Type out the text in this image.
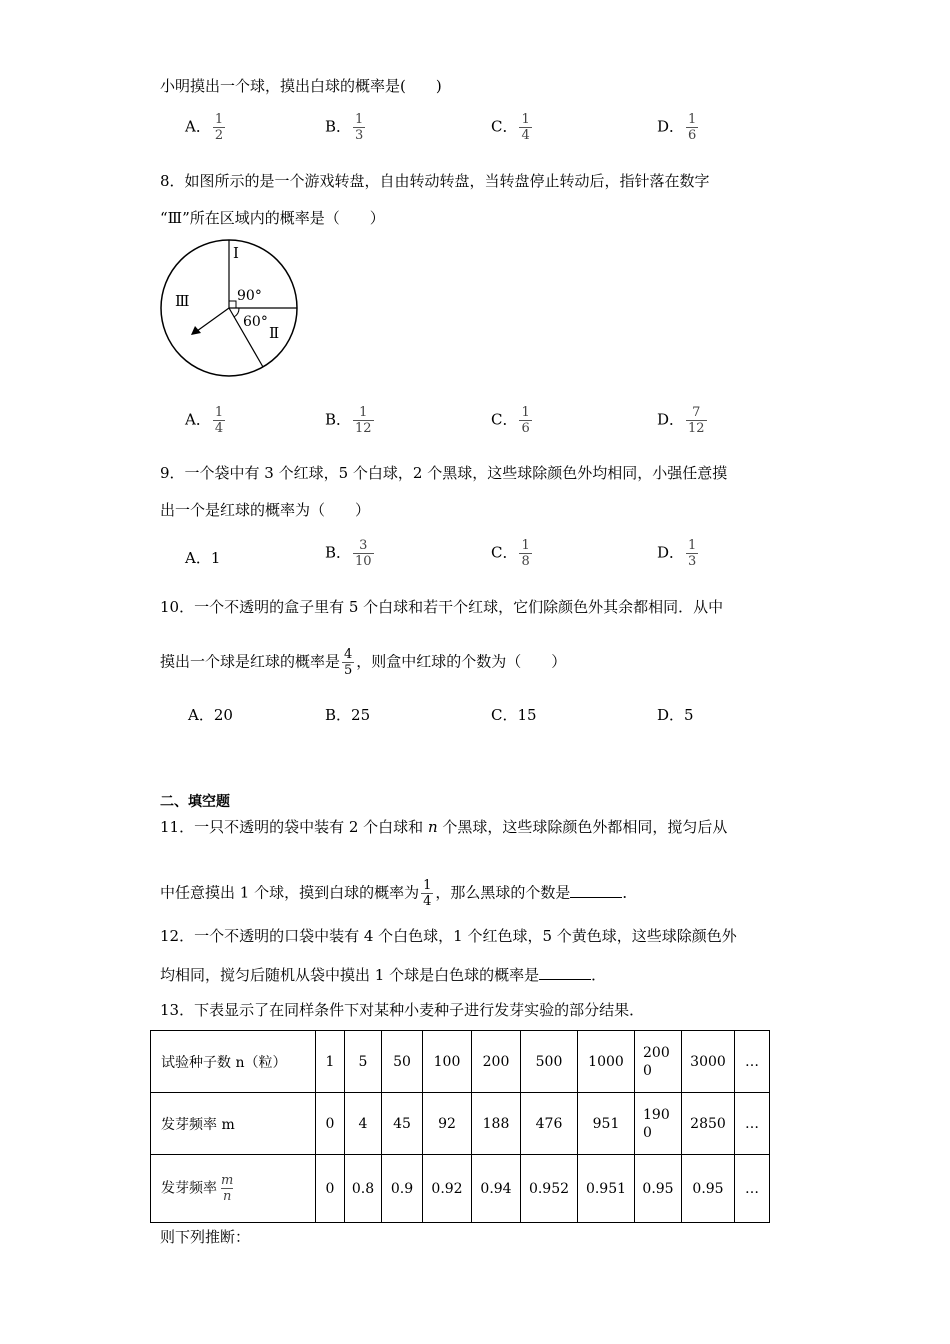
小明摸出一个球，摸出白球的概率是(　　)
A． $\frac{1}{2}$	B． $\frac{1}{3}$	C． $\frac{1}{4}$	D． $\frac{1}{6}$
8．如图所示的是一个游戏转盘，自由转动转盘，当转盘停止转动后，指针落在数字
“Ⅲ”所在区域内的概率是（　　）
Ⅰ
Ⅱ
Ⅲ	90°
60°
A． $\frac{1}{4}$	B． $\frac{1}{12}$	C． $\frac{1}{6}$	D． $\frac{7}{12}$
9．一个袋中有 3 个红球，5 个白球，2 个黑球，这些球除颜色外均相同，小强任意摸
出一个是红球的概率为（　　）
A．1	B． $\frac{3}{10}$	C． $\frac{1}{8}$	D． $\frac{1}{3}$
10．一个不透明的盒子里有 5 个白球和若干个红球，它们除颜色外其余都相同．从中
摸出一个球是红球的概率是 $\frac{4}{5}$ ，则盒中红球的个数为（　　）
A．20	B．25	C．15	D．5
二、填空题
11．一只不透明的袋中装有 2 个白球和 n 个黑球，这些球除颜色外都相同，搅匀后从
中任意摸出 1 个球，摸到白球的概率为 $\frac{1}{4}$ ，那么黑球的个数是	．
12．一个不透明的口袋中装有 4 个白色球，1 个红色球，5 个黄色球，这些球除颜色外
均相同，搅匀后随机从袋中摸出 1 个球是白色球的概率是	．
13．下表显示了在同样条件下对某种小麦种子进行发芽实验的部分结果．
试验种子数 n（粒）	1	5	50	100	200	500	1000	2000	3000	…
发芽频率 m	0	4	45	92	188	476	951	1900	2850	…
发芽频率 $\frac{m}{n}$	0	0.8	0.9	0.92	0.94	0.952	0.951	0.95	0.95	…
则下列推断：
